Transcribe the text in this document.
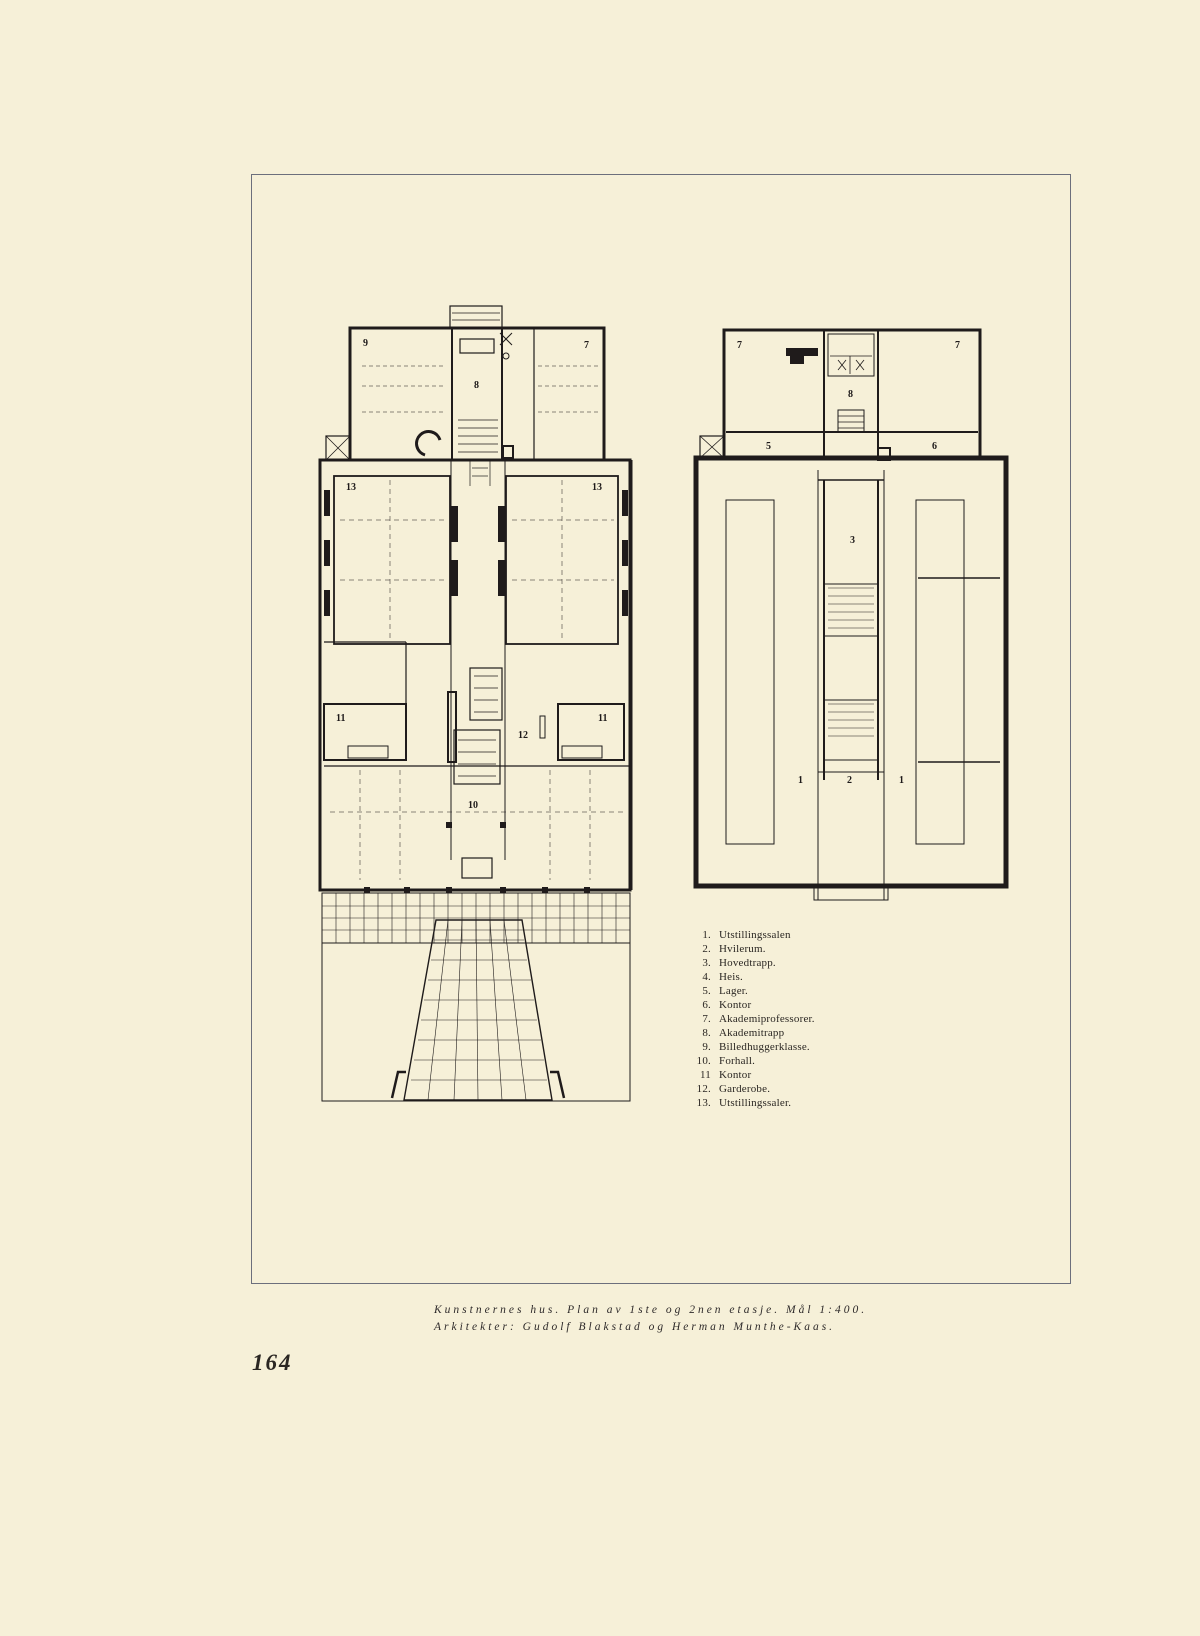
9	7
8
13	13
11	11
12
10
7	7
8
5	6
3
1	2	1
1. Utstillingssalen
2. Hvilerum.
3. Hovedtrapp.
4. Heis.
5. Lager.
6. Kontor
7. Akademiprofessorer.
8. Akademitrapp
9. Billedhuggerklasse.
10. Forhall.
11 Kontor
12. Garderobe.
13. Utstillingssaler.
Kunstnernes hus. Plan av 1ste og 2nen etasje. Mål 1:400.
Arkitekter: Gudolf Blakstad og Herman Munthe-Kaas.
164
